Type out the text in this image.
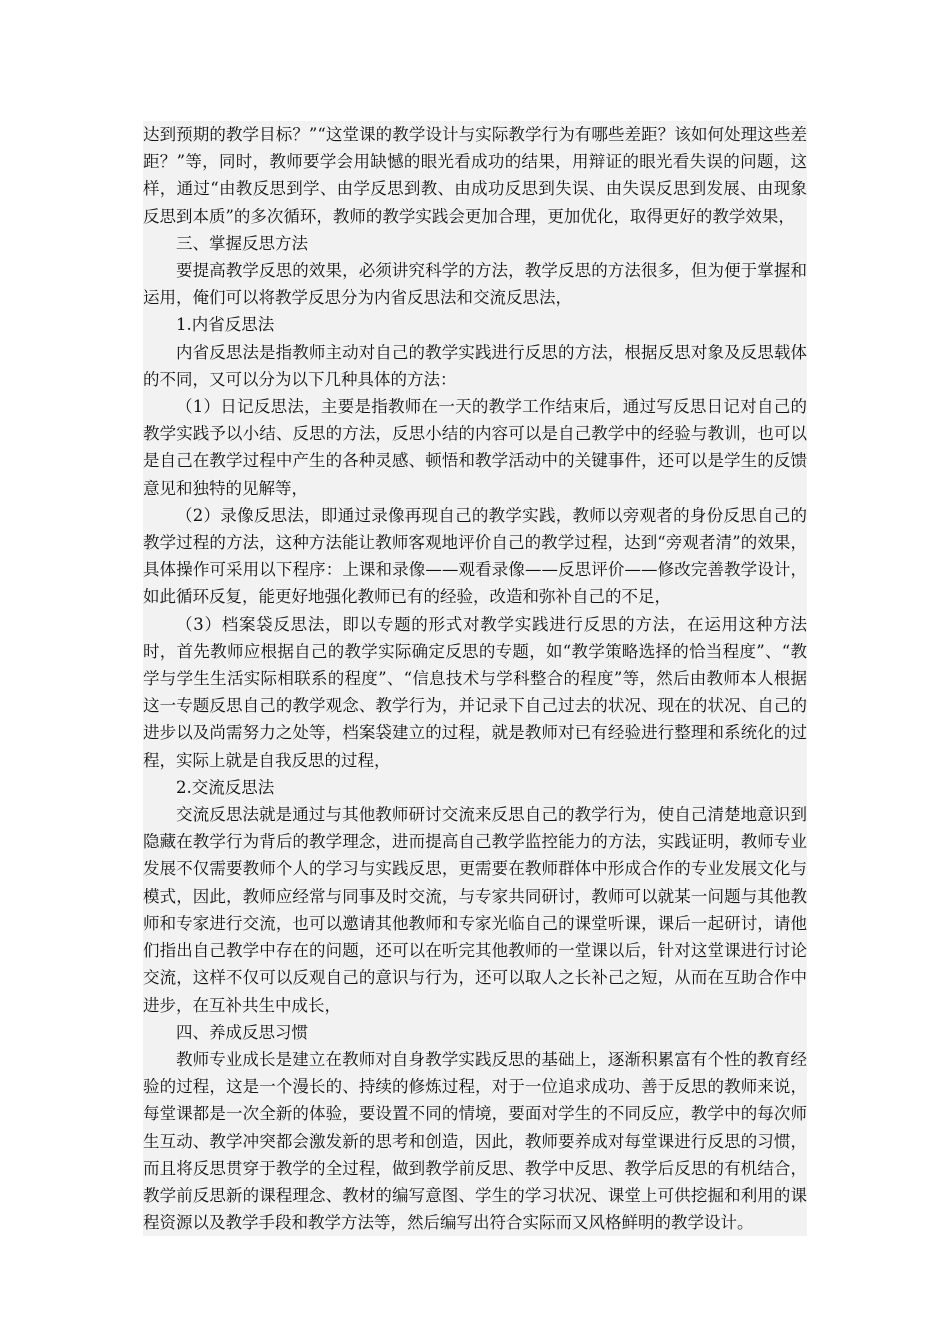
达到预期的教学目标？”“这堂课的教学设计与实际教学行为有哪些差距？该如何处理这些差距？”等，同时，教师要学会用缺憾的眼光看成功的结果，用辩证的眼光看失误的问题，这样，通过“由教反思到学、由学反思到教、由成功反思到失误、由失误反思到发展、由现象反思到本质”的多次循环，教师的教学实践会更加合理，更加优化，取得更好的教学效果，

三、掌握反思方法

要提高教学反思的效果，必须讲究科学的方法，教学反思的方法很多，但为便于掌握和运用，俺们可以将教学反思分为内省反思法和交流反思法，

1.内省反思法

内省反思法是指教师主动对自己的教学实践进行反思的方法，根据反思对象及反思载体的不同，又可以分为以下几种具体的方法：

（1）日记反思法，主要是指教师在一天的教学工作结束后，通过写反思日记对自己的教学实践予以小结、反思的方法，反思小结的内容可以是自己教学中的经验与教训，也可以是自己在教学过程中产生的各种灵感、顿悟和教学活动中的关键事件，还可以是学生的反馈意见和独特的见解等，

（2）录像反思法，即通过录像再现自己的教学实践，教师以旁观者的身份反思自己的教学过程的方法，这种方法能让教师客观地评价自己的教学过程，达到“旁观者清”的效果，具体操作可采用以下程序：上课和录像——观看录像——反思评价——修改完善教学设计，如此循环反复，能更好地强化教师已有的经验，改造和弥补自己的不足，

（3）档案袋反思法，即以专题的形式对教学实践进行反思的方法，在运用这种方法时，首先教师应根据自己的教学实际确定反思的专题，如“教学策略选择的恰当程度”、“教学与学生生活实际相联系的程度”、“信息技术与学科整合的程度”等，然后由教师本人根据这一专题反思自己的教学观念、教学行为，并记录下自己过去的状况、现在的状况、自己的进步以及尚需努力之处等，档案袋建立的过程，就是教师对已有经验进行整理和系统化的过程，实际上就是自我反思的过程，

2.交流反思法

交流反思法就是通过与其他教师研讨交流来反思自己的教学行为，使自己清楚地意识到隐藏在教学行为背后的教学理念，进而提高自己教学监控能力的方法，实践证明，教师专业发展不仅需要教师个人的学习与实践反思，更需要在教师群体中形成合作的专业发展文化与模式，因此，教师应经常与同事及时交流，与专家共同研讨，教师可以就某一问题与其他教师和专家进行交流，也可以邀请其他教师和专家光临自己的课堂听课，课后一起研讨，请他们指出自己教学中存在的问题，还可以在听完其他教师的一堂课以后，针对这堂课进行讨论交流，这样不仅可以反观自己的意识与行为，还可以取人之长补己之短，从而在互助合作中进步，在互补共生中成长，

四、养成反思习惯

教师专业成长是建立在教师对自身教学实践反思的基础上，逐渐积累富有个性的教育经验的过程，这是一个漫长的、持续的修炼过程，对于一位追求成功、善于反思的教师来说，每堂课都是一次全新的体验，要设置不同的情境，要面对学生的不同反应，教学中的每次师生互动、教学冲突都会激发新的思考和创造，因此，教师要养成对每堂课进行反思的习惯，而且将反思贯穿于教学的全过程，做到教学前反思、教学中反思、教学后反思的有机结合，教学前反思新的课程理念、教材的编写意图、学生的学习状况、课堂上可供挖掘和利用的课程资源以及教学手段和教学方法等，然后编写出符合实际而又风格鲜明的教学设计。
